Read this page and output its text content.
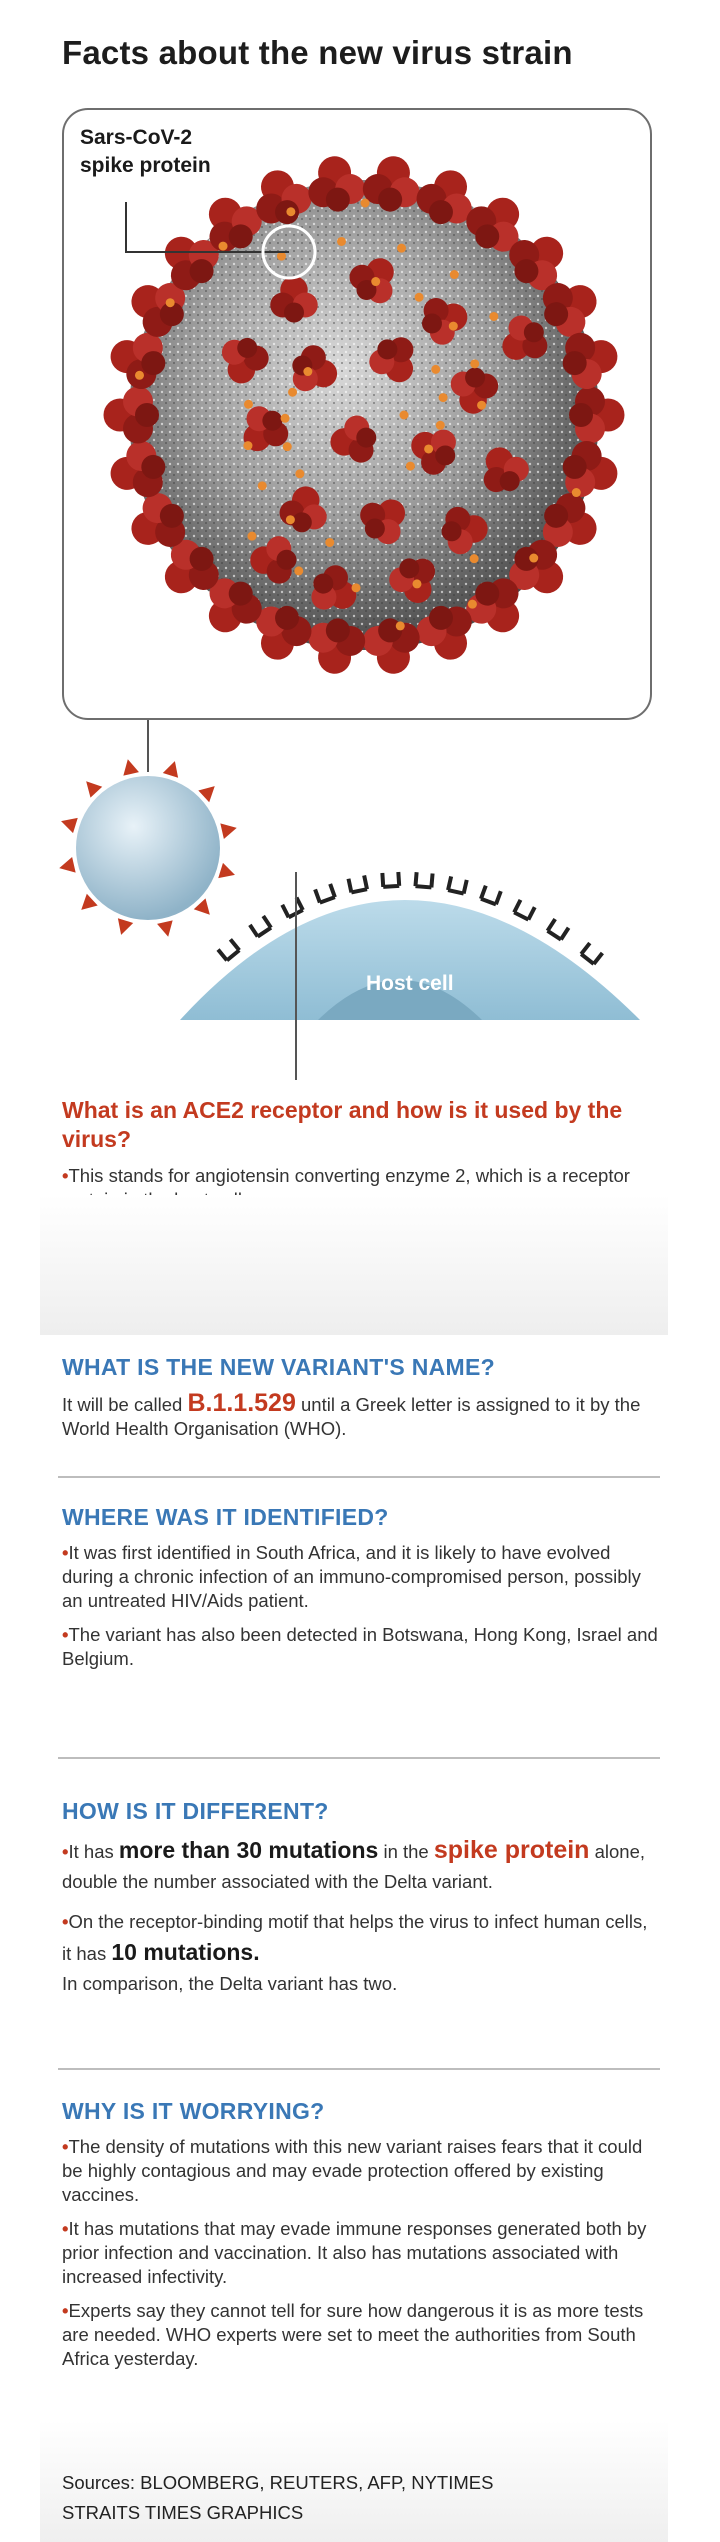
Facts about the new virus strain
Sars-CoV-2
spike protein
Host cell
What is an ACE2 receptor and how is it used by the virus?
• This stands for angiotensin converting enzyme 2, which is a receptor
•
WHAT IS THE NEW VARIANT'S NAME?
It will be called B.1.1.529 until a Greek letter is assigned to it by the World Health Organisation (WHO).
WHERE WAS IT IDENTIFIED?
• It was first identified in South Africa, and it is likely to have evolved during a chronic infection of an immuno-compromised person, possibly an untreated HIV/Aids patient.
• The variant has also been detected in Botswana, Hong Kong, Israel and Belgium.
HOW IS IT DIFFERENT?
• It has more than 30 mutations in the spike protein alone, double the number associated with the Delta variant.
• On the receptor-binding motif that helps the virus to infect human cells, it has 10 mutations.
In comparison, the Delta variant has two.
WHY IS IT WORRYING?
• The density of mutations with this new variant raises fears that it could be highly contagious and may evade protection offered by existing vaccines.
• It has mutations that may evade immune responses generated both by prior infection and vaccination. It also has mutations associated with increased infectivity.
• Experts say they cannot tell for sure how dangerous it is as more tests are needed. WHO experts were set to meet the authorities from South Africa yesterday.
Sources: BLOOMBERG, REUTERS, AFP, NYTIMES
STRAITS TIMES GRAPHICS
